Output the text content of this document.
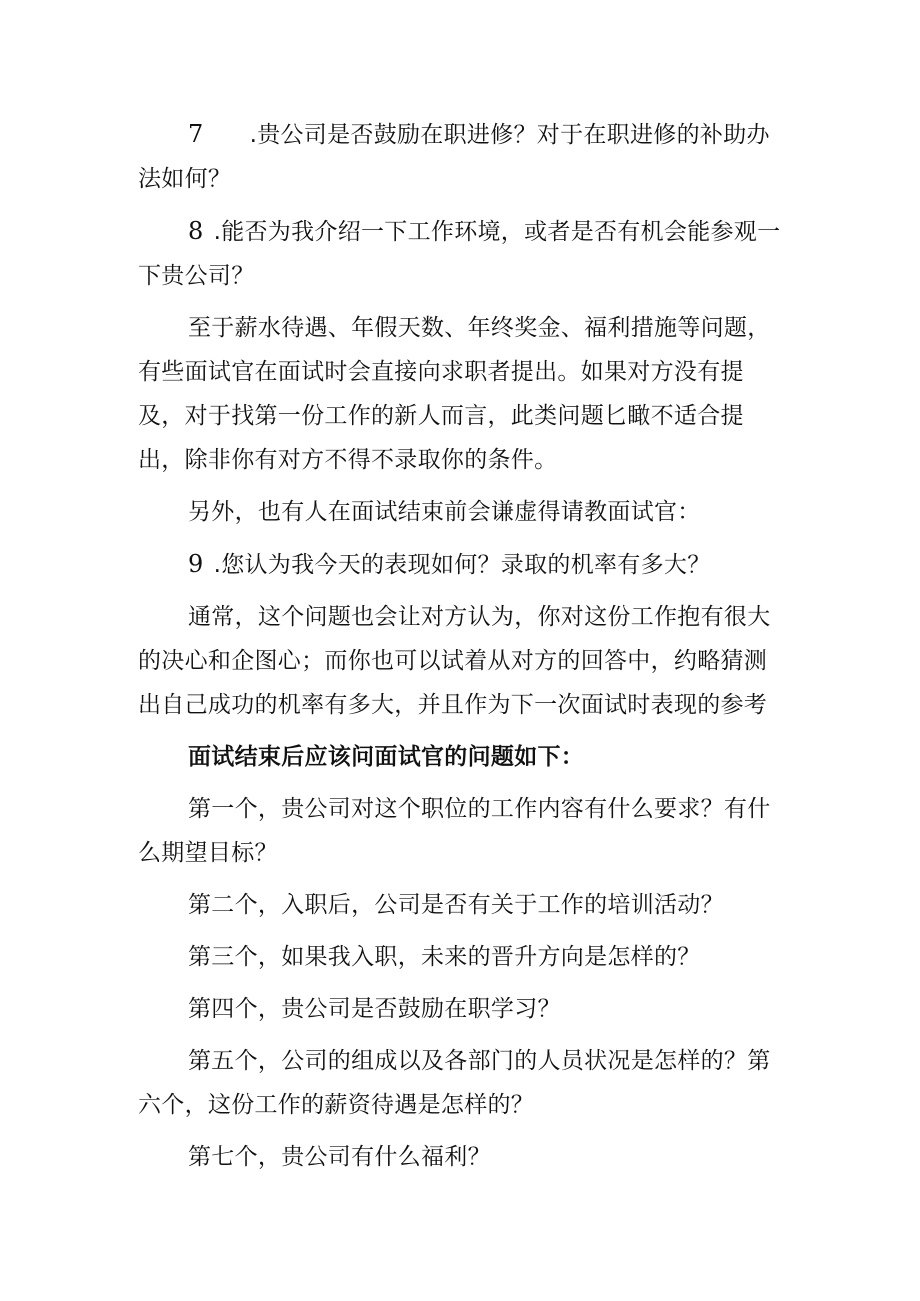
7 .贵公司是否鼓励在职进修？对于在职进修的补助办法如何？

8 .能否为我介绍一下工作环境，或者是否有机会能参观一下贵公司？

至于薪水待遇、年假天数、年终奖金、福利措施等问题，有些面试官在面试时会直接向求职者提出。如果对方没有提及，对于找第一份工作的新人而言，此类问题匕瞰不适合提出，除非你有对方不得不录取你的条件。

另外，也有人在面试结束前会谦虚得请教面试官：

9 .您认为我今天的表现如何？录取的机率有多大？

通常，这个问题也会让对方认为，你对这份工作抱有很大的决心和企图心；而你也可以试着从对方的回答中，约略猜测出自己成功的机率有多大，并且作为下一次面试时表现的参考

面试结束后应该问面试官的问题如下：

第一个，贵公司对这个职位的工作内容有什么要求？有什么期望目标？

第二个，入职后，公司是否有关于工作的培训活动？

第三个，如果我入职，未来的晋升方向是怎样的？

第四个，贵公司是否鼓励在职学习？

第五个，公司的组成以及各部门的人员状况是怎样的？第六个，这份工作的薪资待遇是怎样的？

第七个，贵公司有什么福利？
